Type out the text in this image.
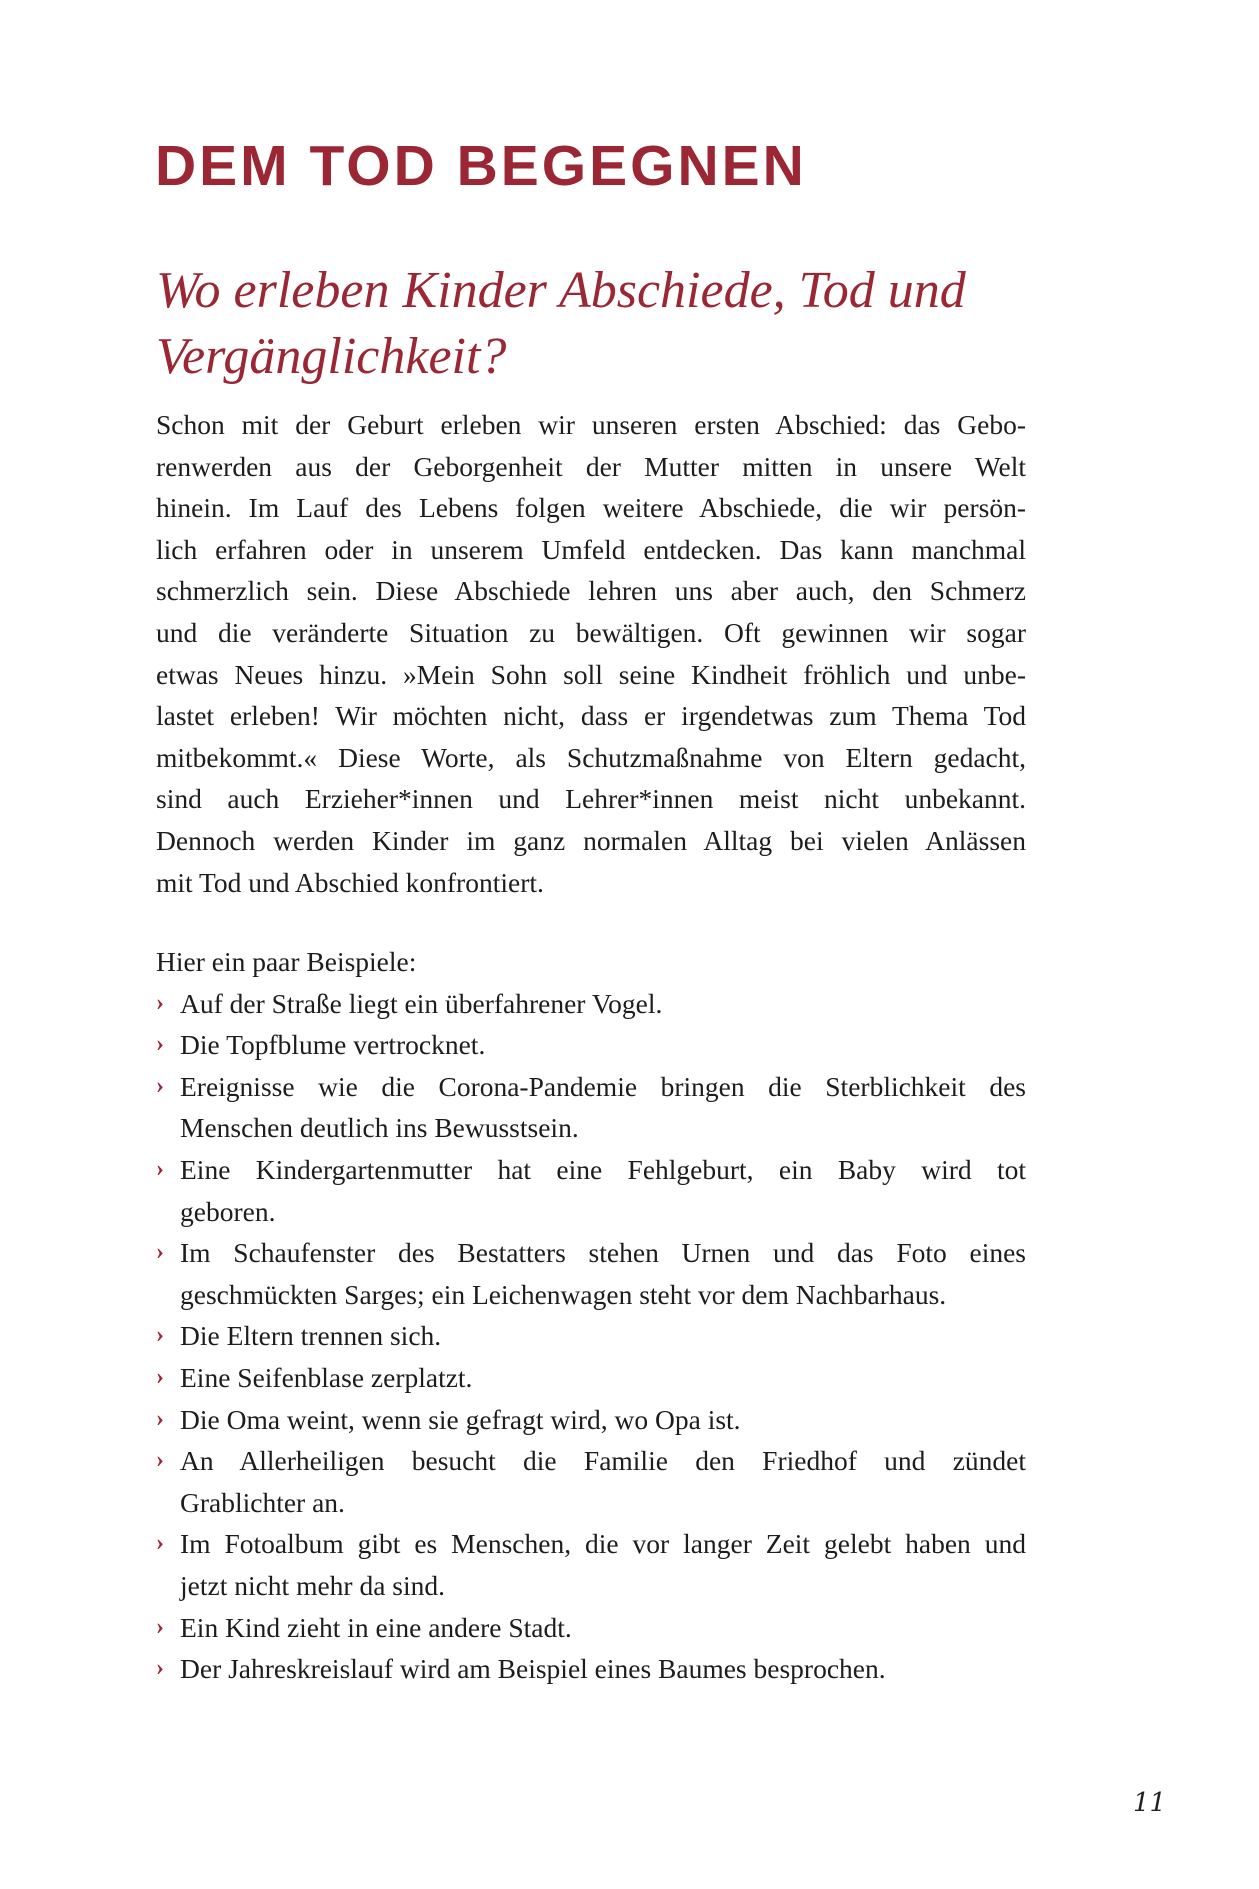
DEM TOD BEGEGNEN
Wo erleben Kinder Abschiede, Tod und
Vergänglichkeit?
Schon mit der Geburt erleben wir unseren ersten Abschied: das Gebo-
renwerden aus der Geborgenheit der Mutter mitten in unsere Welt
hinein. Im Lauf des Lebens folgen weitere Abschiede, die wir persön-
lich erfahren oder in unserem Umfeld entdecken. Das kann manchmal
schmerzlich sein. Diese Abschiede lehren uns aber auch, den Schmerz
und die veränderte Situation zu bewältigen. Oft gewinnen wir sogar
etwas Neues hinzu. »Mein Sohn soll seine Kindheit fröhlich und unbe-
lastet erleben! Wir möchten nicht, dass er irgendetwas zum Thema Tod
mitbekommt.« Diese Worte, als Schutzmaßnahme von Eltern gedacht,
sind auch Erzieher*innen und Lehrer*innen meist nicht unbekannt.
Dennoch werden Kinder im ganz normalen Alltag bei vielen Anlässen
mit Tod und Abschied konfrontiert.
Hier ein paar Beispiele:
› Auf der Straße liegt ein überfahrener Vogel.
› Die Topfblume vertrocknet.
› Ereignisse wie die Corona-Pandemie bringen die Sterblichkeit des
Menschen deutlich ins Bewusstsein.
› Eine Kindergartenmutter hat eine Fehlgeburt, ein Baby wird tot
geboren.
› Im Schaufenster des Bestatters stehen Urnen und das Foto eines
geschmückten Sarges; ein Leichenwagen steht vor dem Nachbarhaus.
› Die Eltern trennen sich.
› Eine Seifenblase zerplatzt.
› Die Oma weint, wenn sie gefragt wird, wo Opa ist.
› An Allerheiligen besucht die Familie den Friedhof und zündet
Grablichter an.
› Im Fotoalbum gibt es Menschen, die vor langer Zeit gelebt haben und
jetzt nicht mehr da sind.
› Ein Kind zieht in eine andere Stadt.
› Der Jahreskreislauf wird am Beispiel eines Baumes besprochen.
11
